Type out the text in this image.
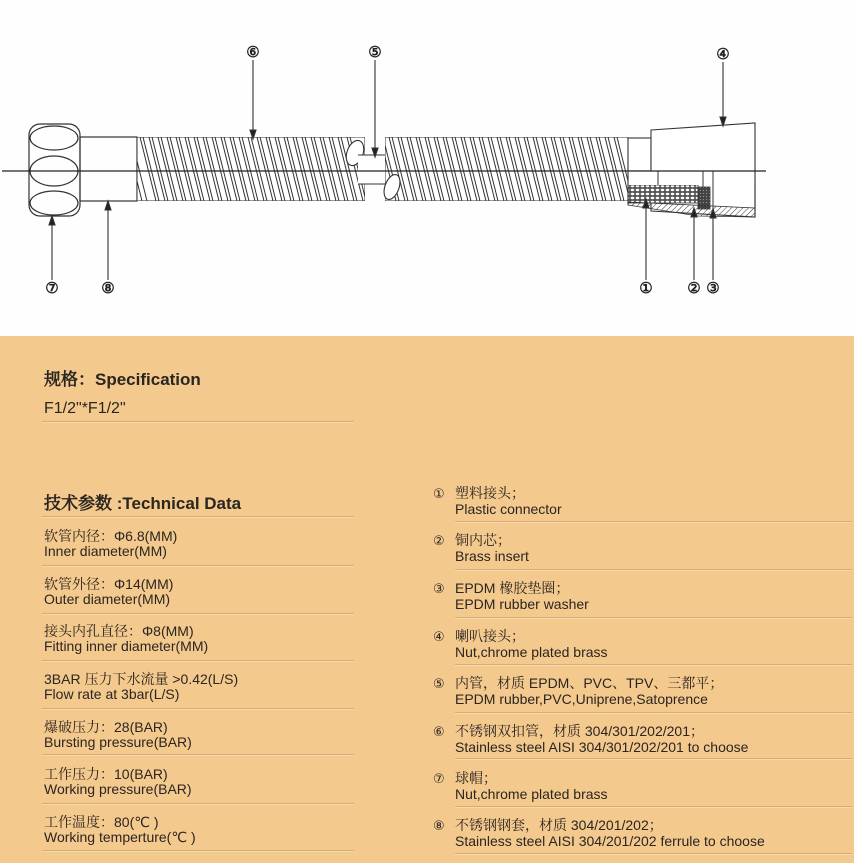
⑥	⑤	④
⑦	⑧	① ② ③
规格：Specification
F1/2"*F1/2"
技术参数 :Technical Data
软管内径：Φ6.8(MM)
Inner diameter(MM)
软管外径：Φ14(MM)
Outer diameter(MM)
接头内孔直径：Φ8(MM)
Fitting inner diameter(MM)
3BAR 压力下水流量 >0.42(L/S)
Flow rate at 3bar(L/S)
爆破压力：28(BAR)
Bursting pressure(BAR)
工作压力：10(BAR)
Working pressure(BAR)
工作温度：80(℃ )
Working temperture(℃ )
① 塑料接头；
Plastic connector
② 铜内芯；
Brass insert
③ EPDM 橡胶垫圈；
EPDM rubber washer
④ 喇叭接头；
Nut,chrome plated brass
⑤ 内管，材质 EPDM、PVC、TPV、三都平；
EPDM rubber,PVC,Uniprene,Satoprence
⑥ 不锈钢双扣管，材质 304/301/202/201；
Stainless steel AISI 304/301/202/201 to choose
⑦ 球帽；
Nut,chrome plated brass
⑧ 不锈钢钢套，材质 304/201/202；
Stainless steel AISI 304/201/202 ferrule to choose
